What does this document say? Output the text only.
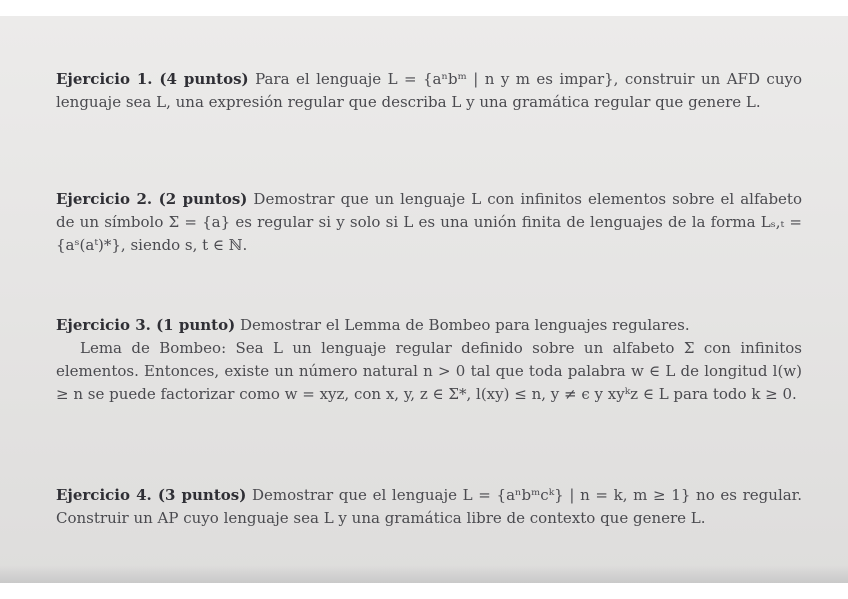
Ejercicio 1. (4 puntos) Para el lenguaje L = {aⁿbᵐ | n y m es impar}, construir un AFD cuyo lenguaje sea L, una expresión regular que describa L y una gramática regular que genere L.

Ejercicio 2. (2 puntos) Demostrar que un lenguaje L con infinitos elementos sobre el alfabeto de un símbolo Σ = {a} es regular si y solo si L es una unión finita de lenguajes de la forma Lₛ,ₜ = {aˢ(aᵗ)*}, siendo s, t ∈ ℕ.

Ejercicio 3. (1 punto) Demostrar el Lemma de Bombeo para lenguajes regulares.
Lema de Bombeo: Sea L un lenguaje regular definido sobre un alfabeto Σ con infinitos elementos. Entonces, existe un número natural n > 0 tal que toda palabra w ∈ L de longitud l(w) ≥ n se puede factorizar como w = xyz, con x, y, z ∈ Σ*, l(xy) ≤ n, y ≠ ϵ y xyᵏz ∈ L para todo k ≥ 0.

Ejercicio 4. (3 puntos) Demostrar que el lenguaje L = {aⁿbᵐcᵏ} | n = k, m ≥ 1} no es regular. Construir un AP cuyo lenguaje sea L y una gramática libre de contexto que genere L.
